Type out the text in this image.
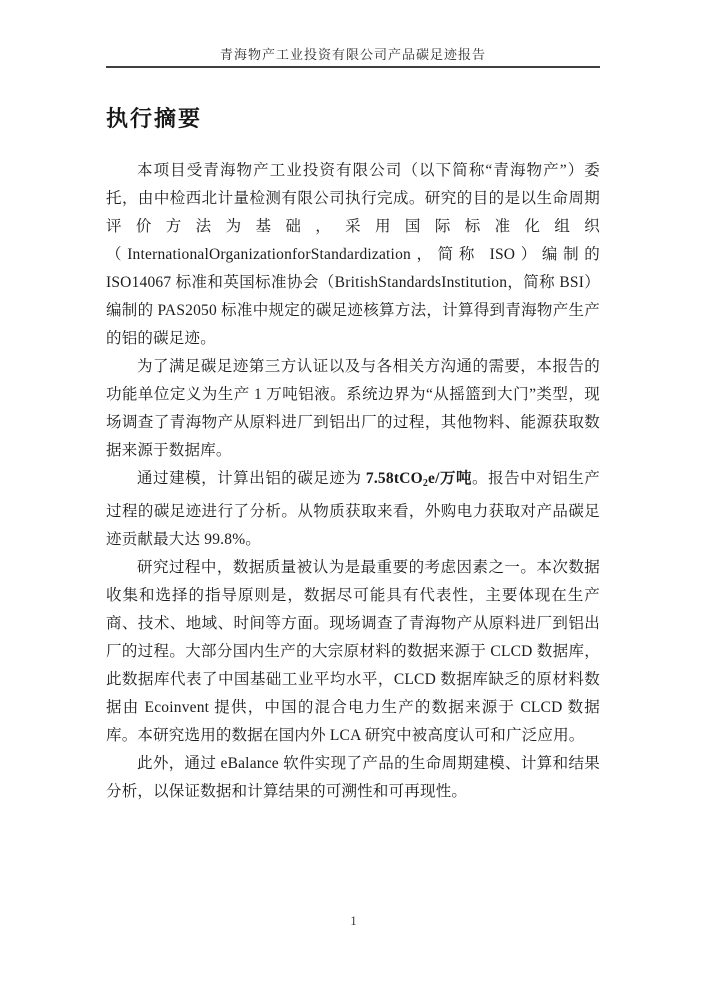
青海物产工业投资有限公司产品碳足迹报告
执行摘要

本项目受青海物产工业投资有限公司（以下简称“青海物产”）委托，由中检西北计量检测有限公司执行完成。研究的目的是以生命周期评价方法为基础，采用国际标准化组织（InternationalOrganizationforStandardization，简称 ISO）编制的 ISO14067 标准和英国标准协会（BritishStandardsInstitution，简称 BSI）编制的 PAS2050 标准中规定的碳足迹核算方法，计算得到青海物产生产的铝的碳足迹。

为了满足碳足迹第三方认证以及与各相关方沟通的需要，本报告的功能单位定义为生产 1 万吨铝液。系统边界为“从摇篮到大门”类型，现场调查了青海物产从原料进厂到铝出厂的过程，其他物料、能源获取数据来源于数据库。

通过建模，计算出铝的碳足迹为 7.58tCO$_2$e/万吨。报告中对铝生产过程的碳足迹进行了分析。从物质获取来看，外购电力获取对产品碳足迹贡献最大达 99.8%。

研究过程中，数据质量被认为是最重要的考虑因素之一。本次数据收集和选择的指导原则是，数据尽可能具有代表性，主要体现在生产商、技术、地域、时间等方面。现场调查了青海物产从原料进厂到铝出厂的过程。大部分国内生产的大宗原材料的数据来源于 CLCD 数据库，此数据库代表了中国基础工业平均水平，CLCD 数据库缺乏的原材料数据由 Ecoinvent 提供，中国的混合电力生产的数据来源于 CLCD 数据库。本研究选用的数据在国内外 LCA 研究中被高度认可和广泛应用。

此外，通过 eBalance 软件实现了产品的生命周期建模、计算和结果分析，以保证数据和计算结果的可溯性和可再现性。

1
